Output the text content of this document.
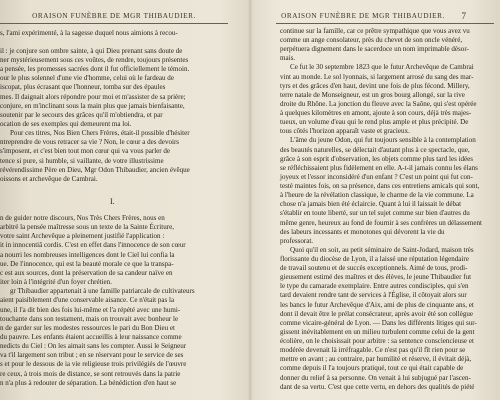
ORAISON FUNÈBRE DE MGR THIBAUDIER.
s, l'ami expérimenté, à la sagesse duquel nous aimions à recou-
il : je conjure son ombre sainte, à qui Dieu prenant sans doute de
ner mystérieusement sous ces voûtes, de rendre, toujours présentes
a pensée, les promesses sacrées dont il fut officiellement le témoin.
our le plus solennel d'une vie d'homme, celui où le fardeau de
iscopat, plus écrasant que l'honneur, tomba sur des épaules
mes. Il daignait alors répondre pour moi et m'assister de sa prière;
conjure, en m'inclinant sous la main plus que jamais bienfaisante,
soutenir par le secours des grâces qu'il m'obtiendra, et par
ocation de ses exemples qui demeurent ma loi.
Pour ces titres, Nos Bien Chers Frères, était-il possible d'hésiter
ntreprendre de vous retracer sa vie ? Non, le cœur a des devoirs
s'imposent, et c'est bien tout mon cœur qui va vous parler de
tence si pure, si humble, si vaillante, de votre illustrissime
révérendissime Père en Dieu, Mgr Odon Thibaudier, ancien évêque
oissons et archevêque de Cambrai.
I.
n de guider notre discours, Nos Très Chers Frères, nous en
arbitré la pensée maîtresse sous un texte de la Sainte Écriture,
votre saint Archevêque a pleinement justifié l'application :
it in innocentiâ cordis. C'est en effet dans l'innocence de son cœur
a nourri les nombreuses intelligences dont le Ciel lui confia la
ue. De l'innocence, qui est la beauté morale ce que la transpa-
c est aux sources, dont la préservation de sa candeur naïve en
iter loin à l'intégrité d'un foyer chrétien.
gr Thibaudier appartenait à une famille patriarcale de cultivateurs
aient paisiblement d'une conservable aisance. Ce n'était pas la
une, il l'a dit bien des fois lui-même et l'a répété avec une humi-
touchante dans son testament, mais on trouvait avec bonheur le
n de garder sur les modestes ressources le pari du Bon Dieu et
du pauvre. Les enfants étaient accueillis à leur naissance comme
nedicts du Ciel : On les aimait sans les compter. Aussi le Seigneur
va t'il largement son tribut ; en se réservant pour le service de ses
s et pour le dessous de ia vie religieuse trois privilégiés de l'œuvre
re ceux, à trois mois de distance, se sont retrouvés dans la patrie
n n'a plus à redouter de séparation. La bénédiction d'en haut se
ORAISON FUNÈBRE DE MGR THIBAUDIER.	7
continue sur la famille, car ce prêtre sympathique que vous avez vu
comme un ange consolateur, près du chevet de son oncle vénéré,
perpétuera dignement dans le sacerdoce un nom imprimable désor-
mais.
Ce fut le 30 septembre 1823 que le futur Archevêque de Cambrai
vint au monde. Le sol lyonnais, si largement arrosé du sang des mar-
tyrs et des grâces d'en haut, devint une fois de plus fécond. Millery,
terre natale de Monseigneur, est un gros bourg allongé, sur la rive
droite du Rhône. La jonction du fleuve avec la Saône, qui s'est opérée
à quelques kilomètres en amont, ajoute à son cours, déjà très majes-
tueux, un volume d'eau qui le rend plus ample et plus précipité. De
tous côtés l'horizon apparaît vaste et gracieux.
L'âme du jeune Odon, qui fut toujours sensible à la contemplation
des beautés naturelles, se délectait d'autant plus à ce spectacle, que,
grâce à son esprit d'observation, les objets comme plus tard les idées
se réfléchissaient plus fidèlement en elle. A-t-il jamais connu les élans
joyeux et l'essor inconsidéré d'un enfant ? C'est un point qui fut con-
testé maintes fois, on sa présence, dans ces entretiens amicals qui sont,
à l'heure de la révélation classique, le charme de la vie commune. La
chose n'a jamais bien été éclaircie. Quant à lui il laissait le débat
s'établir en toute liberté, sur un tel sujet comme sur bien d'autres du
même genre, heureux au fond de fournir à ses confrères un délassement
des labeurs incessants et monotones qui dévorent la vie du
professorat.
Quoi qu'il en soit, au petit séminaire de Saint-Jodard, maison très
florissante du diocèse de Lyon, il a laissé une réputation légendaire
de travail soutenu et de succès exceptionnels. Aimé de tous, prodi-
gieusement estimé des maîtres et des élèves, le jeune Thibaudier fut
le type du camarade exemplaire. Entre autres condisciples, qui s'en
tard devaient rendre tant de services à l'Église, il côtoyait alors sur
les bancs le futur Archevêque d'Aix, ami de plus de cinquante ans, et
dont il devait être le prélat consécrateur, après avoir été son collègue
comme vicaire-général de Lyon. — Dans les différents litiges qui sur-
gissent inévitablement en un milieu turbulent comme celui de la gent
écolière, on le choisissait pour arbitre : sa sentence consciencieuse et
modérée devenait là irréfragable. Ce n'est pas qu'il fît rien pour se
mettre en avant ; au contraire, par humilité et réserve, il évitait déjà,
comme depuis il l'a toujours pratiqué, tout ce qui était capable de
donner du relief à sa personne. On venait à lui subjugué par l'ascen-
dant de sa vertu. C'est que cette vertu, en dehors des qualités de piété
